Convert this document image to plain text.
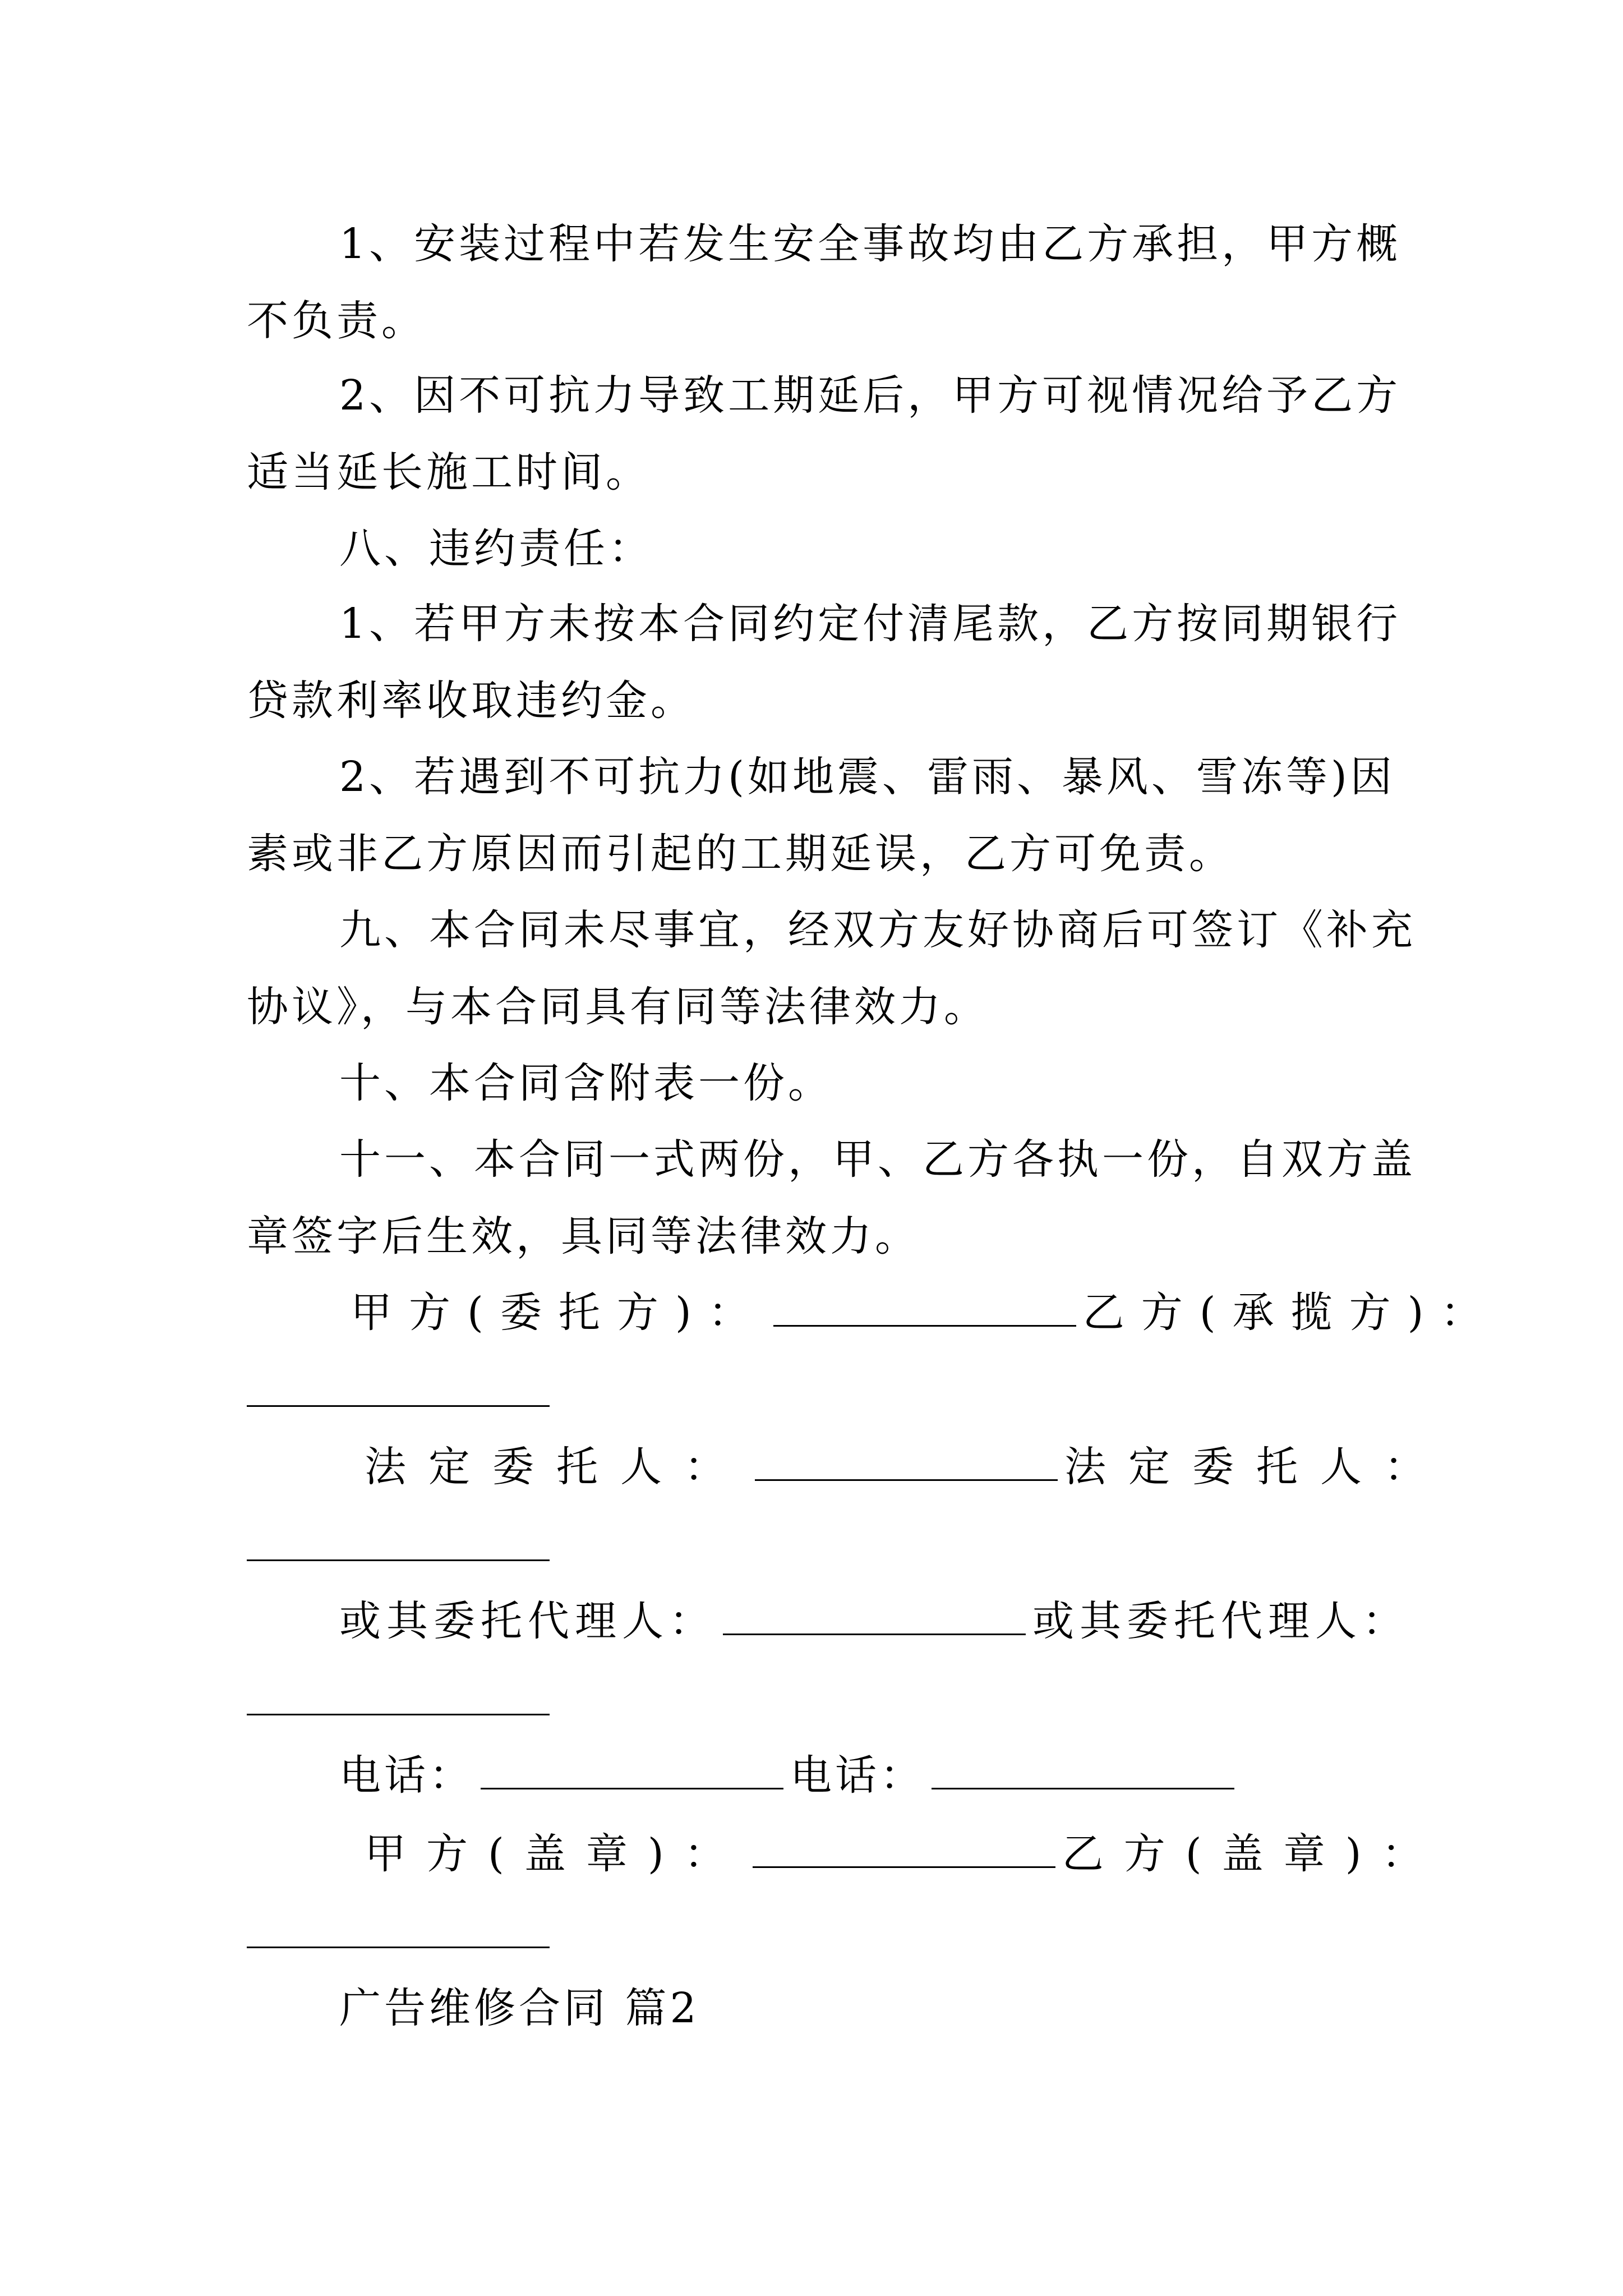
1、安装过程中若发生安全事故均由乙方承担，甲方概
不负责。
2、因不可抗力导致工期延后，甲方可视情况给予乙方
适当延长施工时间。
八、违约责任：
1、若甲方未按本合同约定付清尾款，乙方按同期银行
贷款利率收取违约金。
2、若遇到不可抗力(如地震、雷雨、暴风、雪冻等)因
素或非乙方原因而引起的工期延误，乙方可免责。
九、本合同未尽事宜，经双方友好协商后可签订《补充
协议》，与本合同具有同等法律效力。
十、本合同含附表一份。
十一、本合同一式两份，甲、乙方各执一份，自双方盖
章签字后生效，具同等法律效力。
甲方(委托方)：	乙方(承揽方)：
法定委托人：	法定委托人：
或其委托代理人：	或其委托代理人：
电话：	电话：
甲方(盖章)：	乙方(盖章)：
广告维修合同 篇2
